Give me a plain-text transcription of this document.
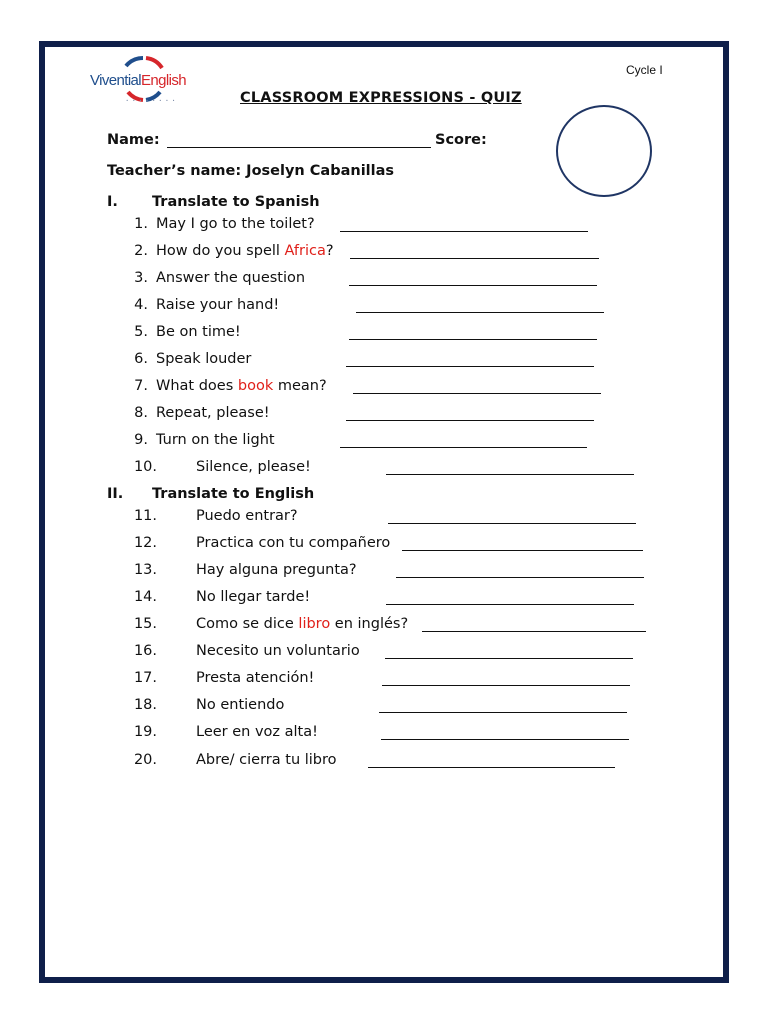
ViventialEnglish
• • • • • • • •
Cycle I
CLASSROOM EXPRESSIONS - QUIZ
Name:	Score:
Teacher’s name: Joselyn Cabanillas
I. Translate to Spanish
II. Translate to English
1. May I go to the toilet?
2. How do you spell Africa?
3. Answer the question
4. Raise your hand!
5. Be on time!
6. Speak louder
7. What does book mean?
8. Repeat, please!
9. Turn on the light
10.	Silence, please!
11.	Puedo entrar?
12.	Practica con tu compañero
13.	Hay alguna pregunta?
14.	No llegar tarde!
15.	Como se dice libro en inglés?
16.	Necesito un voluntario
17.	Presta atención!
18.	No entiendo
19.	Leer en voz alta!
20.	Abre/ cierra tu libro
